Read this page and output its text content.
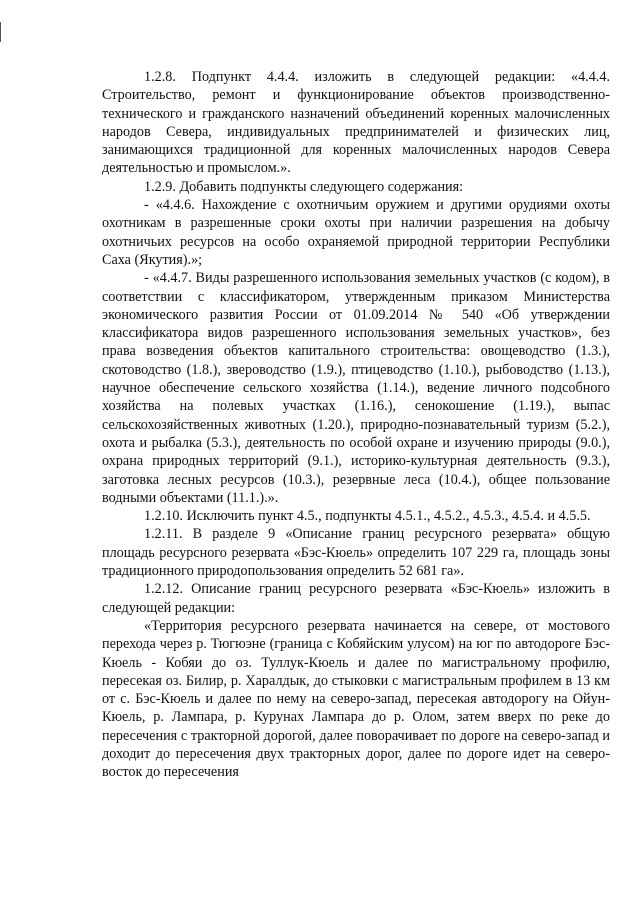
1.2.8. Подпункт 4.4.4. изложить в следующей редакции: «4.4.4. Строительство, ремонт и функционирование объектов производственно-технического и гражданского назначений объединений коренных малочисленных народов Севера, индивидуальных предпринимателей и физических лиц, занимающихся традиционной для коренных малочисленных народов Севера деятельностью и промыслом.».

1.2.9. Добавить подпункты следующего содержания:

- «4.4.6. Нахождение с охотничьим оружием и другими орудиями охоты охотникам в разрешенные сроки охоты при наличии разрешения на добычу охотничьих ресурсов на особо охраняемой природной территории Республики Саха (Якутия).»;

- «4.4.7. Виды разрешенного использования земельных участков (с кодом), в соответствии с классификатором, утвержденным приказом Министерства экономического развития России от 01.09.2014 № 540 «Об утверждении классификатора видов разрешенного использования земельных участков», без права возведения объектов капитального строительства: овощеводство (1.3.), скотоводство (1.8.), звероводство (1.9.), птицеводство (1.10.), рыбоводство (1.13.), научное обеспечение сельского хозяйства (1.14.), ведение личного подсобного хозяйства на полевых участках (1.16.), сенокошение (1.19.), выпас сельскохозяйственных животных (1.20.), природно-познавательный туризм (5.2.), охота и рыбалка (5.3.), деятельность по особой охране и изучению природы (9.0.), охрана природных территорий (9.1.), историко-культурная деятельность (9.3.), заготовка лесных ресурсов (10.3.), резервные леса (10.4.), общее пользование водными объектами (11.1.).».

1.2.10. Исключить пункт 4.5., подпункты 4.5.1., 4.5.2., 4.5.3., 4.5.4. и 4.5.5.

1.2.11. В разделе 9 «Описание границ ресурсного резервата» общую площадь ресурсного резервата «Бэс-Кюель» определить 107 229 га, площадь зоны традиционного природопользования определить 52 681 га».

1.2.12. Описание границ ресурсного резервата «Бэс-Кюель» изложить в следующей редакции:

«Территория ресурсного резервата начинается на севере, от мостового перехода через р. Тюгюэне (граница с Кобяйским улусом) на юг по автодороге Бэс-Кюель - Кобяи до оз. Туллук-Кюель и далее по магистральному профилю, пересекая оз. Билир, р. Хаpалдык, до стыковки с магистральным профилем в 13 км от с. Бэс-Кюель и далее по нему на северо-запад, пересекая автодорогу на Ойун-Кюель, р. Лампара, р. Курунах Лампара до р. Олом, затем вверх по реке до пересечения с тракторной дорогой, далее поворачивает по дороге на северо-запад и доходит до пересечения двух тракторных дорог, далее по дороге идет на северо-восток до пересечения
